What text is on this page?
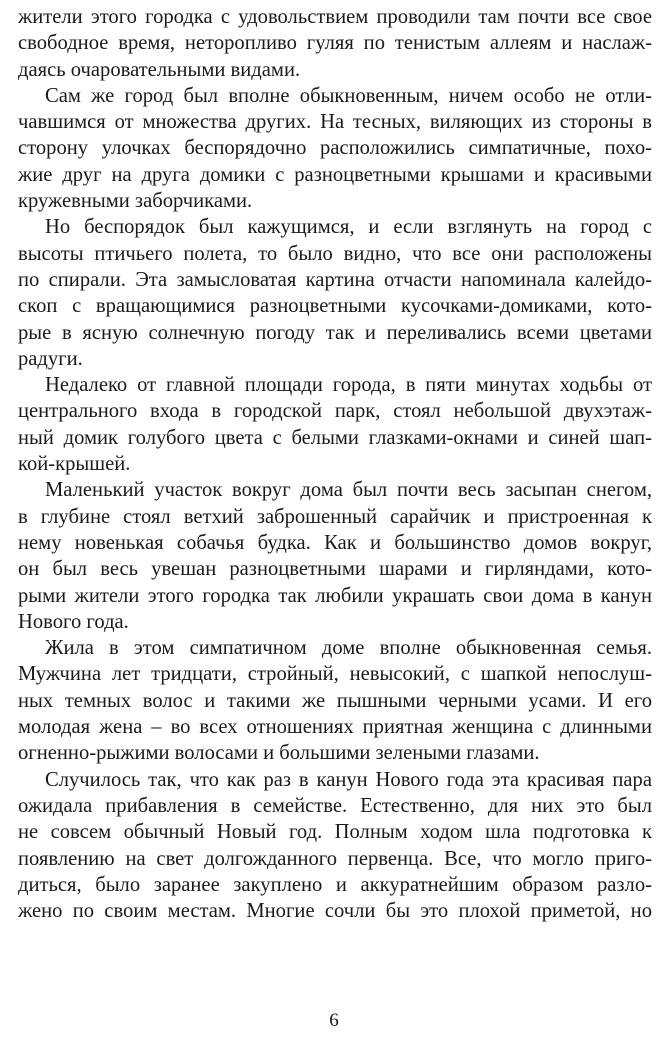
жители этого городка с удовольствием проводили там почти все свое
свободное время, неторопливо гуляя по тенистым аллеям и наслаж-
даясь очаровательными видами.

Сам же город был вполне обыкновенным, ничем особо не отли-
чавшимся от множества других. На тесных, виляющих из стороны в
сторону улочках беспорядочно расположились симпатичные, похо-
жие друг на друга домики с разноцветными крышами и красивыми
кружевными заборчиками.

Но беспорядок был кажущимся, и если взглянуть на город с
высоты птичьего полета, то было видно, что все они расположены
по спирали. Эта замысловатая картина отчасти напоминала калейдо-
скоп с вращающимися разноцветными кусочками-домиками, кото-
рые в ясную солнечную погоду так и переливались всеми цветами
радуги.

Недалеко от главной площади города, в пяти минутах ходьбы от
центрального входа в городской парк, стоял небольшой двухэтаж-
ный домик голубого цвета с белыми глазками-окнами и синей шап-
кой-крышей.

Маленький участок вокруг дома был почти весь засыпан снегом,
в глубине стоял ветхий заброшенный сарайчик и пристроенная к
нему новенькая собачья будка. Как и большинство домов вокруг,
он был весь увешан разноцветными шарами и гирляндами, кото-
рыми жители этого городка так любили украшать свои дома в канун
Нового года.

Жила в этом симпатичном доме вполне обыкновенная семья.
Мужчина лет тридцати, стройный, невысокий, с шапкой непослуш-
ных темных волос и такими же пышными черными усами. И его
молодая жена – во всех отношениях приятная женщина с длинными
огненно-рыжими волосами и большими зелеными глазами.

Случилось так, что как раз в канун Нового года эта красивая пара
ожидала прибавления в семействе. Естественно, для них это был
не совсем обычный Новый год. Полным ходом шла подготовка к
появлению на свет долгожданного первенца. Все, что могло приго-
диться, было заранее закуплено и аккуратнейшим образом разло-
жено по своим местам. Многие сочли бы это плохой приметой, но

6
